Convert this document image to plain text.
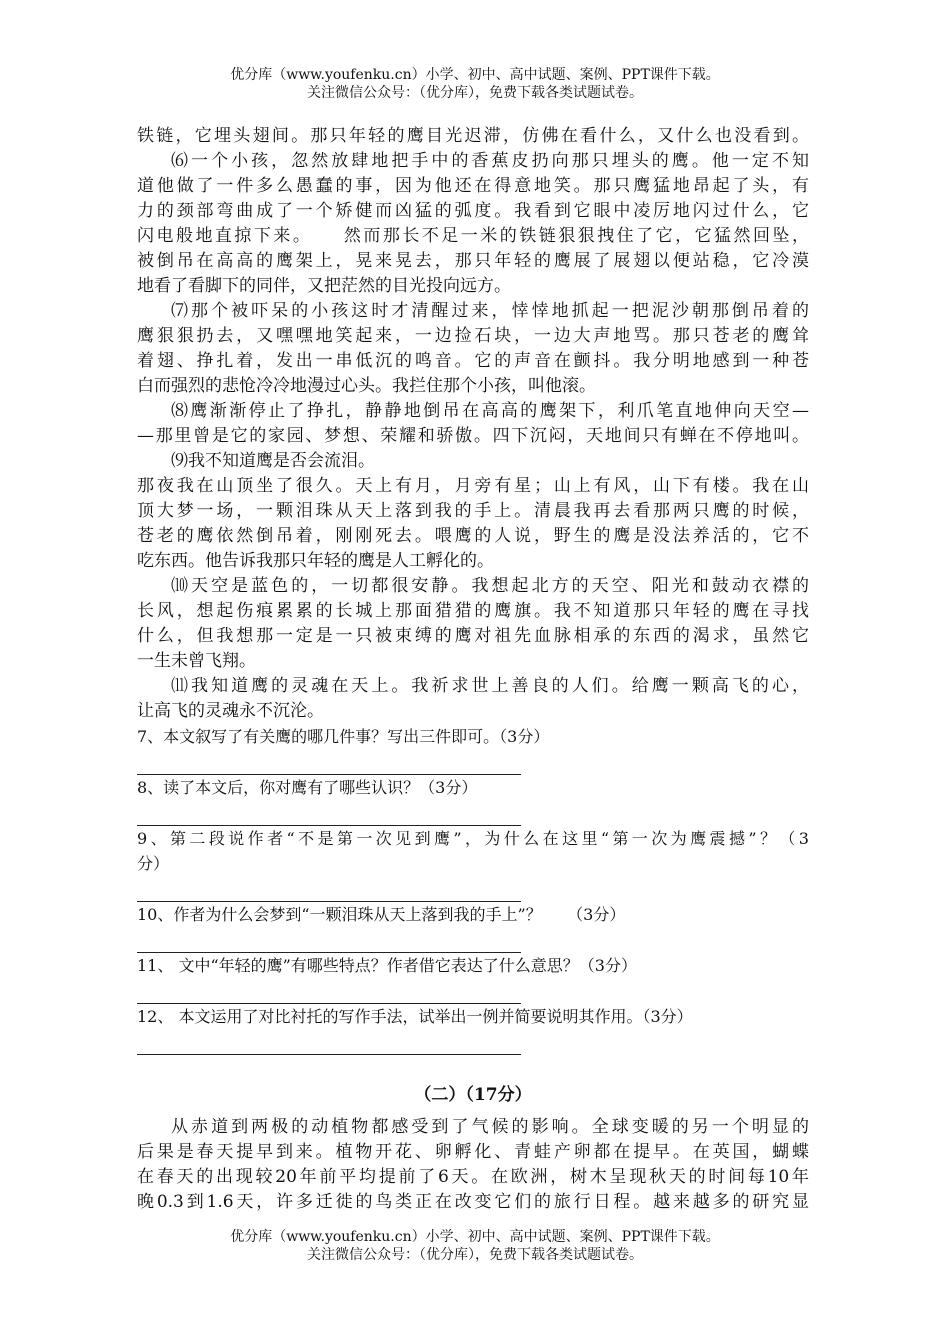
优分库（www.youfenku.cn）小学、初中、高中试题、案例、PPT课件下载。
关注微信公众号：（优分库），免费下载各类试题试卷。
铁链，它埋头翅间。那只年轻的鹰目光迟滞，仿佛在看什么，又什么也没看到。
⑹一个小孩，忽然放肆地把手中的香蕉皮扔向那只埋头的鹰。他一定不知
道他做了一件多么愚蠢的事，因为他还在得意地笑。那只鹰猛地昂起了头，有
力的颈部弯曲成了一个矫健而凶猛的弧度。我看到它眼中凌厉地闪过什么，它
闪电般地直掠下来。    然而那长不足一米的铁链狠狠拽住了它，它猛然回坠，
被倒吊在高高的鹰架上，晃来晃去，那只年轻的鹰展了展翅以便站稳，它冷漠
地看了看脚下的同伴，又把茫然的目光投向远方。
⑺那个被吓呆的小孩这时才清醒过来，悻悻地抓起一把泥沙朝那倒吊着的
鹰狠狠扔去，又嘿嘿地笑起来，一边捡石块，一边大声地骂。那只苍老的鹰耸
着翅、挣扎着，发出一串低沉的鸣音。它的声音在颤抖。我分明地感到一种苍
白而强烈的悲怆冷冷地漫过心头。我拦住那个小孩，叫他滚。
⑻鹰渐渐停止了挣扎，静静地倒吊在高高的鹰架下，利爪笔直地伸向天空—
—那里曾是它的家园、梦想、荣耀和骄傲。四下沉闷，天地间只有蝉在不停地叫。
⑼我不知道鹰是否会流泪。
那夜我在山顶坐了很久。天上有月，月旁有星；山上有风，山下有楼。我在山
顶大梦一场，一颗泪珠从天上落到我的手上。清晨我再去看那两只鹰的时候，
苍老的鹰依然倒吊着，刚刚死去。喂鹰的人说，野生的鹰是没法养活的，它不
吃东西。他告诉我那只年轻的鹰是人工孵化的。
⑽天空是蓝色的，一切都很安静。我想起北方的天空、阳光和鼓动衣襟的
长风，想起伤痕累累的长城上那面猎猎的鹰旗。我不知道那只年轻的鹰在寻找
什么，但我想那一定是一只被束缚的鹰对祖先血脉相承的东西的渴求，虽然它
一生未曾飞翔。
⑾我知道鹰的灵魂在天上。我祈求世上善良的人们。给鹰一颗高飞的心，
让高飞的灵魂永不沉沦。
7、本文叙写了有关鹰的哪几件事？写出三件即可。（3分）
8、读了本文后，你对鹰有了哪些认识？（3分）
9、第二段说作者“不是第一次见到鹰”，为什么在这里“第一次为鹰震撼”？（3
分）
10、作者为什么会梦到“一颗泪珠从天上落到我的手上”？     （3分）
11、 文中“年轻的鹰”有哪些特点？作者借它表达了什么意思？（3分）
12、 本文运用了对比衬托的写作手法，试举出一例并简要说明其作用。（3分）
（二）（17分）
从赤道到两极的动植物都感受到了气候的影响。全球变暖的另一个明显的
后果是春天提早到来。植物开花、卵孵化、青蛙产卵都在提早。在英国，蝴蝶
在春天的出现较20年前平均提前了6天。在欧洲，树木呈现秋天的时间每10年
晚0.3到1.6天，许多迁徙的鸟类正在改变它们的旅行日程。越来越多的研究显
优分库（www.youfenku.cn）小学、初中、高中试题、案例、PPT课件下载。
关注微信公众号：（优分库），免费下载各类试题试卷。
